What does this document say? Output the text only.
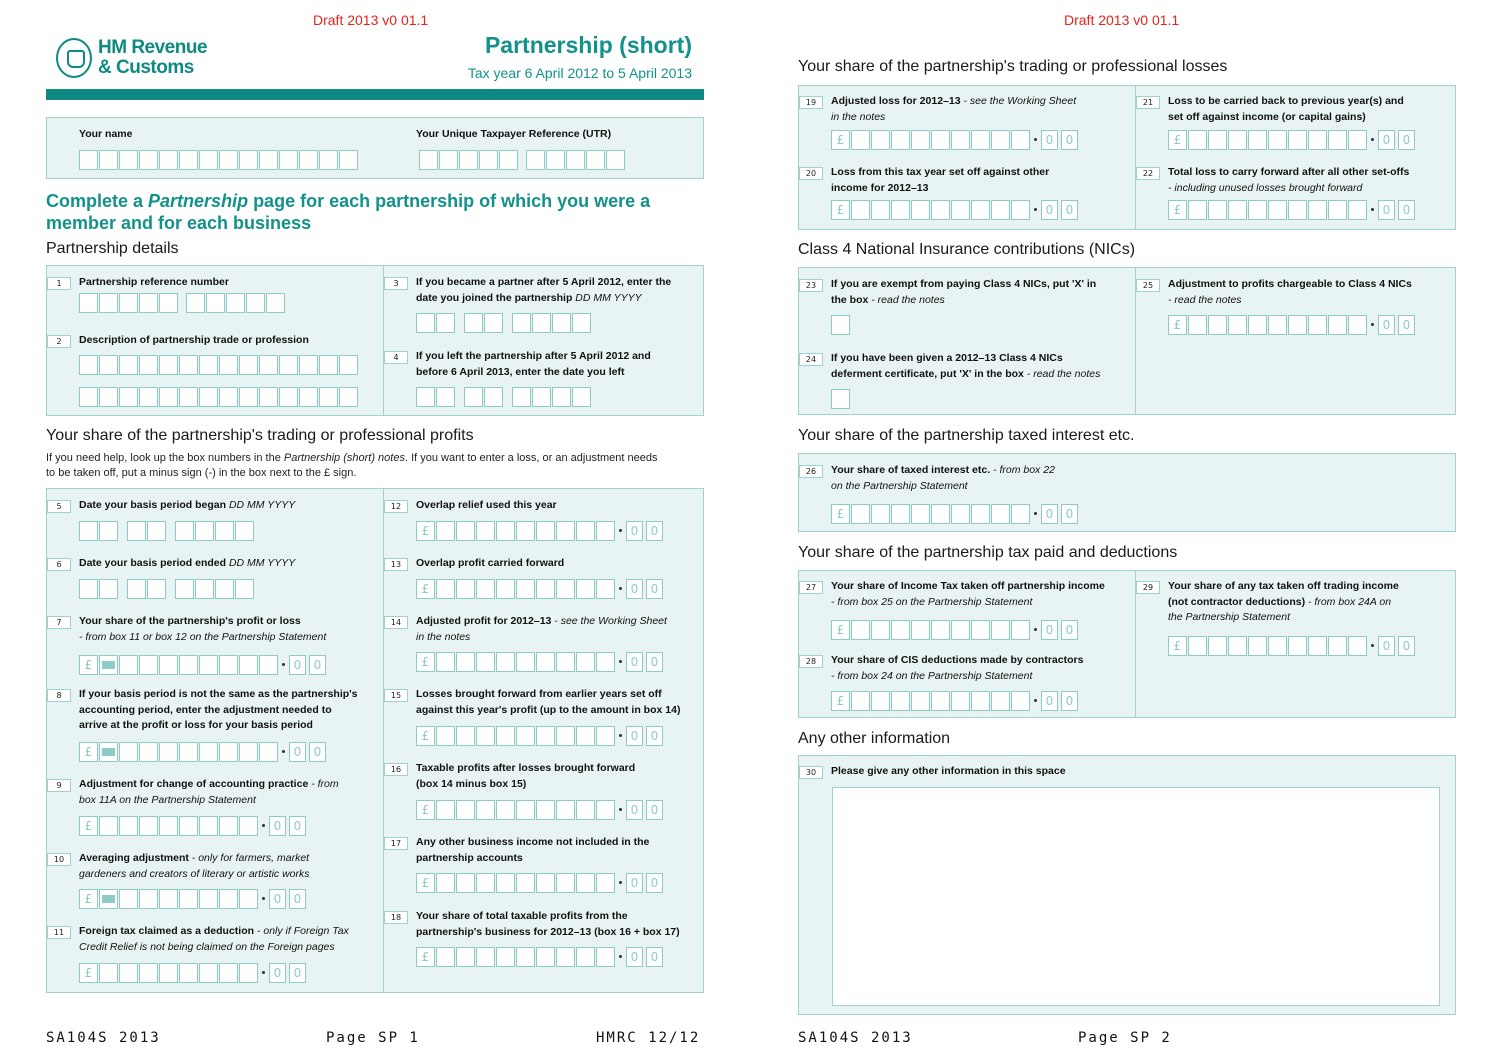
Draft 2013 v0 01.1	Draft 2013 v0 01.1
HM Revenue
& Customs
Partnership (short)
Tax year 6 April 2012 to 5 April 2013
Your name	Your Unique Taxpayer Reference (UTR)
Complete a Partnership page for each partnership of which you were a
member and for each business
Partnership details
1	Partnership reference number
2	Description of partnership trade or profession
3	If you became a partner after 5 April 2012, enter the
date you joined the partnership DD MM YYYY
4	If you left the partnership after 5 April 2012 and
before 6 April 2013, enter the date you left
Your share of the partnership's trading or professional profits
If you need help, look up the box numbers in the Partnership (short) notes. If you want to enter a loss, or an adjustment needs
to be taken off, put a minus sign (-) in the box next to the £ sign.
5	Date your basis period began DD MM YYYY
6	Date your basis period ended DD MM YYYY
7	Your share of the partnership's profit or loss
- from box 11 or box 12 on the Partnership Statement
£	0	0
8	If your basis period is not the same as the partnership's
accounting period, enter the adjustment needed to
arrive at the profit or loss for your basis period
£	0	0
9	Adjustment for change of accounting practice - from
box 11A on the Partnership Statement
£	0	0
10	Averaging adjustment - only for farmers, market
gardeners and creators of literary or artistic works
£	0	0
11	Foreign tax claimed as a deduction - only if Foreign Tax
Credit Relief is not being claimed on the Foreign pages
£	0	0
12	Overlap relief used this year
£	0	0
13	Overlap profit carried forward
£	0	0
14	Adjusted profit for 2012–13 - see the Working Sheet
in the notes
£	0	0
15	Losses brought forward from earlier years set off
against this year's profit (up to the amount in box 14)
£	0	0
16	Taxable profits after losses brought forward
(box 14 minus box 15)
£	0	0
17	Any other business income not included in the
partnership accounts
£	0	0
18	Your share of total taxable profits from the
partnership's business for 2012–13 (box 16 + box 17)
£	0	0
Your share of the partnership's trading or professional losses
19	Adjusted loss for 2012–13 - see the Working Sheet
in the notes
£	0	0
20	Loss from this tax year set off against other
income for 2012–13
£	0	0
21	Loss to be carried back to previous year(s) and
set off against income (or capital gains)
£	0	0
22	Total loss to carry forward after all other set-offs
- including unused losses brought forward
£	0	0
Class 4 National Insurance contributions (NICs)
23	If you are exempt from paying Class 4 NICs, put 'X' in
the box - read the notes
24	If you have been given a 2012–13 Class 4 NICs
deferment certificate, put 'X' in the box - read the notes
25	Adjustment to profits chargeable to Class 4 NICs
- read the notes
£	0	0
Your share of the partnership taxed interest etc.
26	Your share of taxed interest etc. - from box 22
on the Partnership Statement
£	0	0
Your share of the partnership tax paid and deductions
27	Your share of Income Tax taken off partnership income
- from box 25 on the Partnership Statement
£	0	0
28	Your share of CIS deductions made by contractors
- from box 24 on the Partnership Statement
£	0	0
29	Your share of any tax taken off trading income
(not contractor deductions) - from box 24A on
the Partnership Statement
£	0	0
Any other information
30	Please give any other information in this space
SA104S 2013	Page SP 1	HMRC 12/12	SA104S 2013	Page SP 2
